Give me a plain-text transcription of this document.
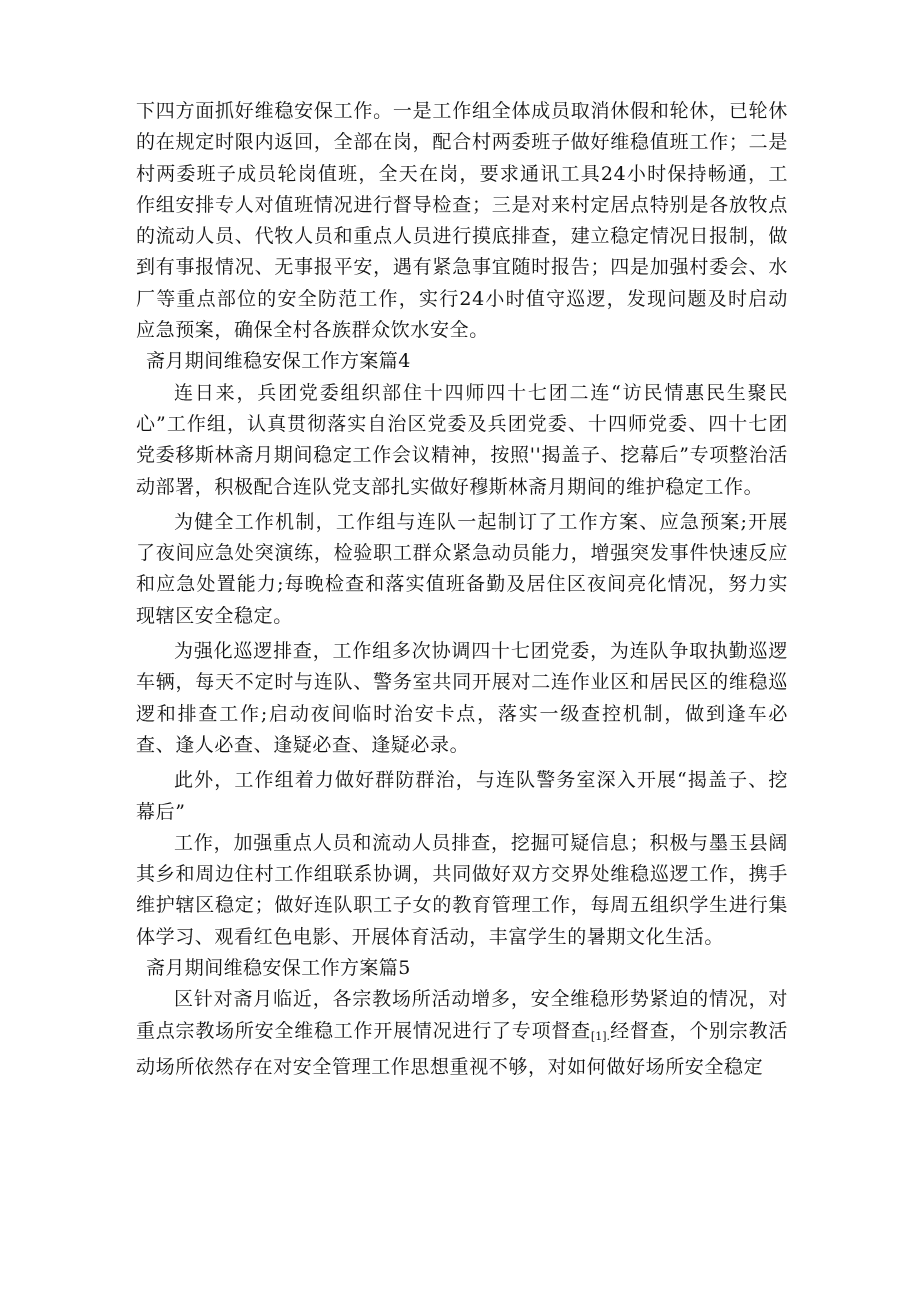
下四方面抓好维稳安保工作。一是工作组全体成员取消休假和轮休，已轮休的在规定时限内返回，全部在岗，配合村两委班子做好维稳值班工作；二是村两委班子成员轮岗值班，全天在岗，要求通讯工具24小时保持畅通，工作组安排专人对值班情况进行督导检查；三是对来村定居点特别是各放牧点的流动人员、代牧人员和重点人员进行摸底排查，建立稳定情况日报制，做到有事报情况、无事报平安，遇有紧急事宜随时报告；四是加强村委会、水厂等重点部位的安全防范工作，实行24小时值守巡逻，发现问题及时启动应急预案，确保全村各族群众饮水安全。

斋月期间维稳安保工作方案篇4

连日来，兵团党委组织部住十四师四十七团二连“访民情惠民生聚民心”工作组，认真贯彻落实自治区党委及兵团党委、十四师党委、四十七团党委移斯林斋月期间稳定工作会议精神，按照''揭盖子、挖幕后”专项整治活动部署，积极配合连队党支部扎实做好穆斯林斋月期间的维护稳定工作。

为健全工作机制，工作组与连队一起制订了工作方案、应急预案;开展了夜间应急处突演练，检验职工群众紧急动员能力，增强突发事件快速反应和应急处置能力;每晚检查和落实值班备勤及居住区夜间亮化情况，努力实现辖区安全稳定。

为强化巡逻排查，工作组多次协调四十七团党委，为连队争取执勤巡逻车辆，每天不定时与连队、警务室共同开展对二连作业区和居民区的维稳巡逻和排查工作;启动夜间临时治安卡点，落实一级查控机制，做到逢车必查、逢人必查、逢疑必查、逢疑必录。

此外，工作组着力做好群防群治，与连队警务室深入开展“揭盖子、挖幕后”

工作，加强重点人员和流动人员排查，挖掘可疑信息；积极与墨玉县阔其乡和周边住村工作组联系协调，共同做好双方交界处维稳巡逻工作，携手维护辖区稳定；做好连队职工子女的教育管理工作，每周五组织学生进行集体学习、观看红色电影、开展体育活动，丰富学生的暑期文化生活。

斋月期间维稳安保工作方案篇5

区针对斋月临近，各宗教场所活动增多，安全维稳形势紧迫的情况，对重点宗教场所安全维稳工作开展情况进行了专项督查$_{[1].}$经督查，个别宗教活动场所依然存在对安全管理工作思想重视不够，对如何做好场所安全稳定
